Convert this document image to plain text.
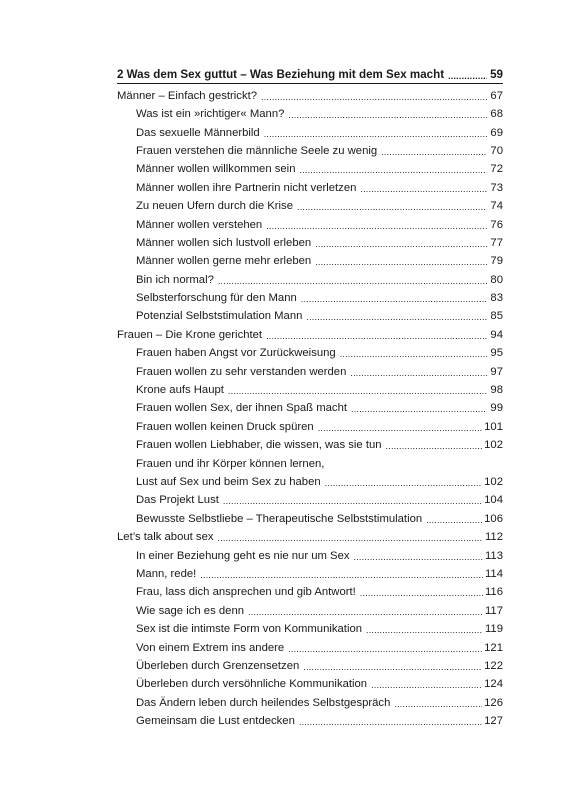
2 Was dem Sex guttut – Was Beziehung mit dem Sex macht .....	59
Männer – Einfach gestrickt? .....	67
Was ist ein »richtiger« Mann? .....	68
Das sexuelle Männerbild .....	69
Frauen verstehen die männliche Seele zu wenig .....	70
Männer wollen willkommen sein .....	72
Männer wollen ihre Partnerin nicht verletzen .....	73
Zu neuen Ufern durch die Krise .....	74
Männer wollen verstehen .....	76
Männer wollen sich lustvoll erleben .....	77
Männer wollen gerne mehr erleben .....	79
Bin ich normal? .....	80
Selbsterforschung für den Mann .....	83
Potenzial Selbststimulation Mann .....	85
Frauen – Die Krone gerichtet .....	94
Frauen haben Angst vor Zurückweisung .....	95
Frauen wollen zu sehr verstanden werden .....	97
Krone aufs Haupt .....	98
Frauen wollen Sex, der ihnen Spaß macht .....	99
Frauen wollen keinen Druck spüren .....	101
Frauen wollen Liebhaber, die wissen, was sie tun .....	102
Frauen und ihr Körper können lernen,
Lust auf Sex und beim Sex zu haben .....	102
Das Projekt Lust .....	104
Bewusste Selbstliebe – Therapeutische Selbststimulation .....	106
Let’s talk about sex .....	112
In einer Beziehung geht es nie nur um Sex .....	113
Mann, rede! .....	114
Frau, lass dich ansprechen und gib Antwort! .....	116
Wie sage ich es denn .....	117
Sex ist die intimste Form von Kommunikation .....	119
Von einem Extrem ins andere .....	121
Überleben durch Grenzensetzen .....	122
Überleben durch versöhnliche Kommunikation .....	124
Das Ändern leben durch heilendes Selbstgespräch .....	126
Gemeinsam die Lust entdecken .....	127
